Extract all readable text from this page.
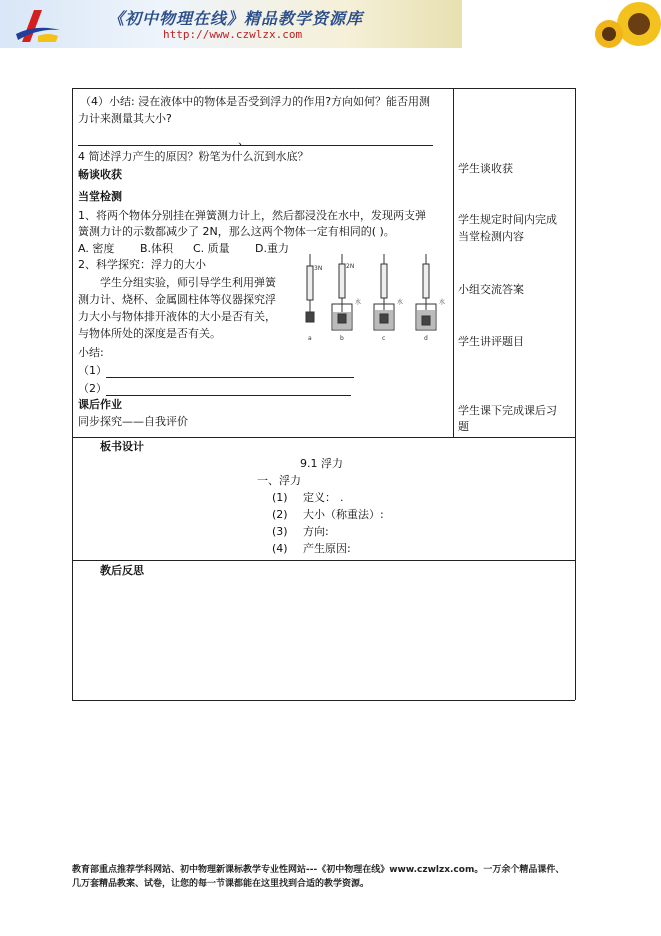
《初中物理在线》精品教学资源库
http://www.czwlzx.com
（4）小结: 浸在液体中的物体是否受到浮力的作用?方向如何？能否用测
力计来测量其大小?
、
4 简述浮力产生的原因？粉笔为什么沉到水底？
畅谈收获
当堂检测
1、将两个物体分别挂在弹簧测力计上，然后都浸没在水中，发现两支弹
簧测力计的示数都减少了 2N，那么这两个物体一定有相同的( )。
A. 密度 B.体积 C. 质量 D.重力
2、科学探究：浮力的大小
学生分组实验，师引导学生利用弹簧
测力计、烧杯、金属圆柱体等仪器探究浮
力大小与物体排开液体的大小是否有关，
与物体所处的深度是否有关。
小结:
（1）
（2）
课后作业
同步探究——自我评价
3N	2N
水	水	水
a	b	c	d
学生谈收获
学生规定时间内完成
当堂检测内容
小组交流答案
学生讲评题目
学生课下完成课后习
题
板书设计
9.1 浮力
一、浮力
(1) 定义： .
(2) 大小（称重法）:
(3) 方向:
(4) 产生原因:
教后反思
教育部重点推荐学科网站、初中物理新课标教学专业性网站---《初中物理在线》www.czwlzx.com。一万余个精品课件、
几万套精品教案、试卷，让您的每一节课都能在这里找到合适的教学资源。
